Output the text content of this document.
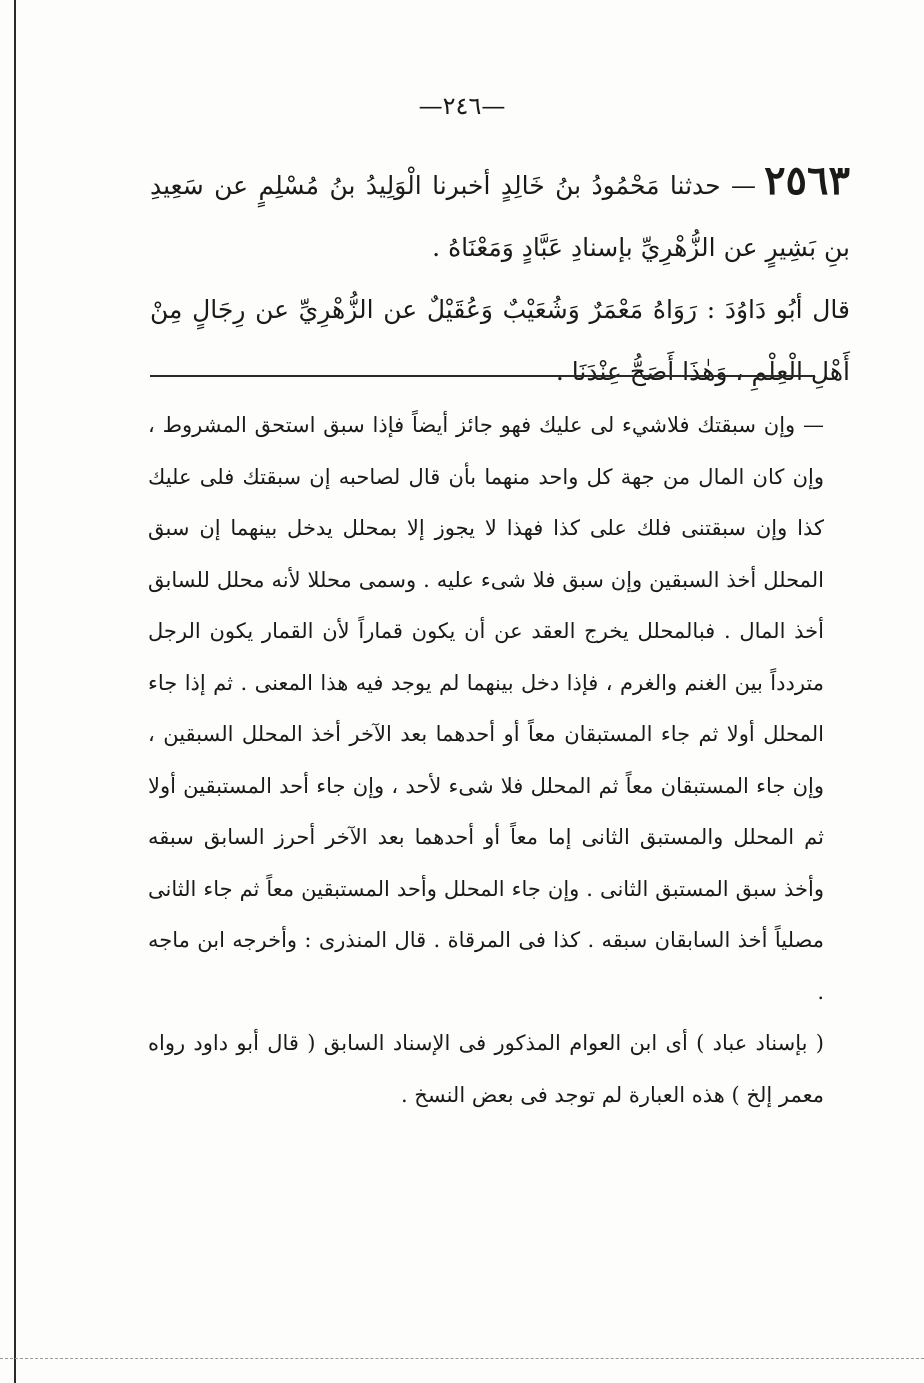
—٢٤٦—

٢٥٦٣— حدثنا مَحْمُودُ بنُ خَالِدٍ أخبرنا الْوَلِيدُ بنُ مُسْلِمٍ عن سَعِيدِ بنِ بَشِيرٍ عن الزُّهْرِيِّ بإسنادِ عَبَّادٍ وَمَعْنَاهُ .

قال أبُو دَاوُدَ : رَوَاهُ مَعْمَرٌ وَشُعَيْبٌ وَعُقَيْلٌ عن الزُّهْرِيِّ عن رِجَالٍ مِنْ أَهْلِ الْعِلْمِ ، وَهٰذَا أَصَحُّ عِنْدَنَا .

— وإن سبقتك فلاشيء لى عليك فهو جائز أيضاً فإذا سبق استحق المشروط ، وإن كان المال من جهة كل واحد منهما بأن قال لصاحبه إن سبقتك فلى عليك كذا وإن سبقتنى فلك على كذا فهذا لا يجوز إلا بمحلل يدخل بينهما إن سبق المحلل أخذ السبقين وإن سبق فلا شىء عليه . وسمى محللا لأنه محلل للسابق أخذ المال . فبالمحلل يخرج العقد عن أن يكون قماراً لأن القمار يكون الرجل متردداً بين الغنم والغرم ، فإذا دخل بينهما لم يوجد فيه هذا المعنى . ثم إذا جاء المحلل أولا ثم جاء المستبقان معاً أو أحدهما بعد الآخر أخذ المحلل السبقين ، وإن جاء المستبقان معاً ثم المحلل فلا شىء لأحد ، وإن جاء أحد المستبقين أولا ثم المحلل والمستبق الثانى إما معاً أو أحدهما بعد الآخر أحرز السابق سبقه وأخذ سبق المستبق الثانى . وإن جاء المحلل وأحد المستبقين معاً ثم جاء الثانى مصلياً أخذ السابقان سبقه . كذا فى المرقاة . قال المنذرى : وأخرجه ابن ماجه .

( بإسناد عباد ) أى ابن العوام المذكور فى الإسناد السابق ( قال أبو داود رواه معمر إلخ ) هذه العبارة لم توجد فى بعض النسخ .
